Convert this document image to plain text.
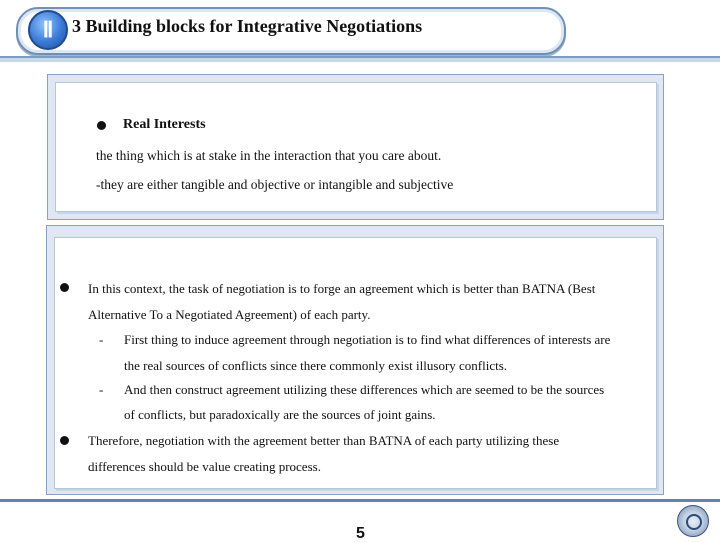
Ⅱ	3 Building blocks for Integrative Negotiations
Real Interests
the thing which is at stake in the interaction that you care about.
-they are either tangible and objective or intangible and subjective
In this context, the task of negotiation is to forge an agreement which is better than BATNA (Best
Alternative To a Negotiated Agreement) of each party.
- First thing to induce agreement through negotiation is to find what differences of interests are
the real sources of conflicts since there commonly exist illusory conflicts.
- And then construct agreement utilizing these differences which are seemed to be the sources
of conflicts, but paradoxically are the sources of joint gains.
Therefore, negotiation with the agreement better than BATNA of each party utilizing these
differences should be value creating process.
5
